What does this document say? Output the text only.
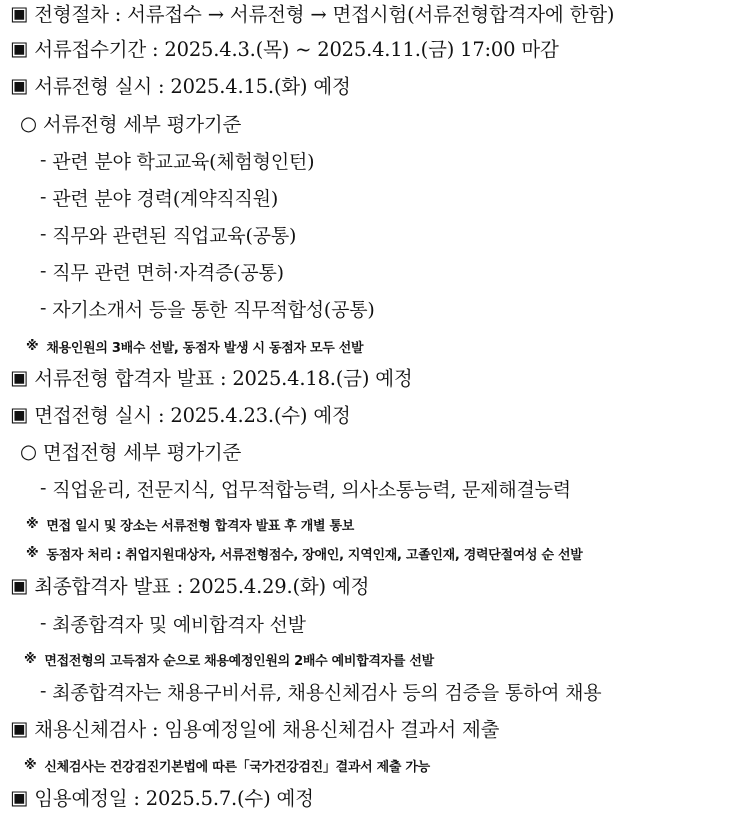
▣ 전형절차 : 서류접수 → 서류전형 → 면접시험(서류전형합격자에 한함)
▣ 서류접수기간 : 2025.4.3.(목) ~ 2025.4.11.(금) 17:00 마감
▣ 서류전형 실시 : 2025.4.15.(화) 예정
○ 서류전형 세부 평가기준
- 관련 분야 학교교육(체험형인턴)
- 관련 분야 경력(계약직직원)
- 직무와 관련된 직업교육(공통)
- 직무 관련 면허·자격증(공통)
- 자기소개서 등을 통한 직무적합성(공통)
※ 채용인원의 3배수 선발, 동점자 발생 시 동점자 모두 선발
▣ 서류전형 합격자 발표 : 2025.4.18.(금) 예정
▣ 면접전형 실시 : 2025.4.23.(수) 예정
○ 면접전형 세부 평가기준
- 직업윤리, 전문지식, 업무적합능력, 의사소통능력, 문제해결능력
※ 면접 일시 및 장소는 서류전형 합격자 발표 후 개별 통보
※ 동점자 처리 : 취업지원대상자, 서류전형점수, 장애인, 지역인재, 고졸인재, 경력단절여성 순 선발
▣ 최종합격자 발표 : 2025.4.29.(화) 예정
- 최종합격자 및 예비합격자 선발
※ 면접전형의 고득점자 순으로 채용예정인원의 2배수 예비합격자를 선발
- 최종합격자는 채용구비서류, 채용신체검사 등의 검증을 통하여 채용
▣ 채용신체검사 : 임용예정일에 채용신체검사 결과서 제출
※ 신체검사는 건강검진기본법에 따른「국가건강검진」결과서 제출 가능
▣ 임용예정일 : 2025.5.7.(수) 예정
